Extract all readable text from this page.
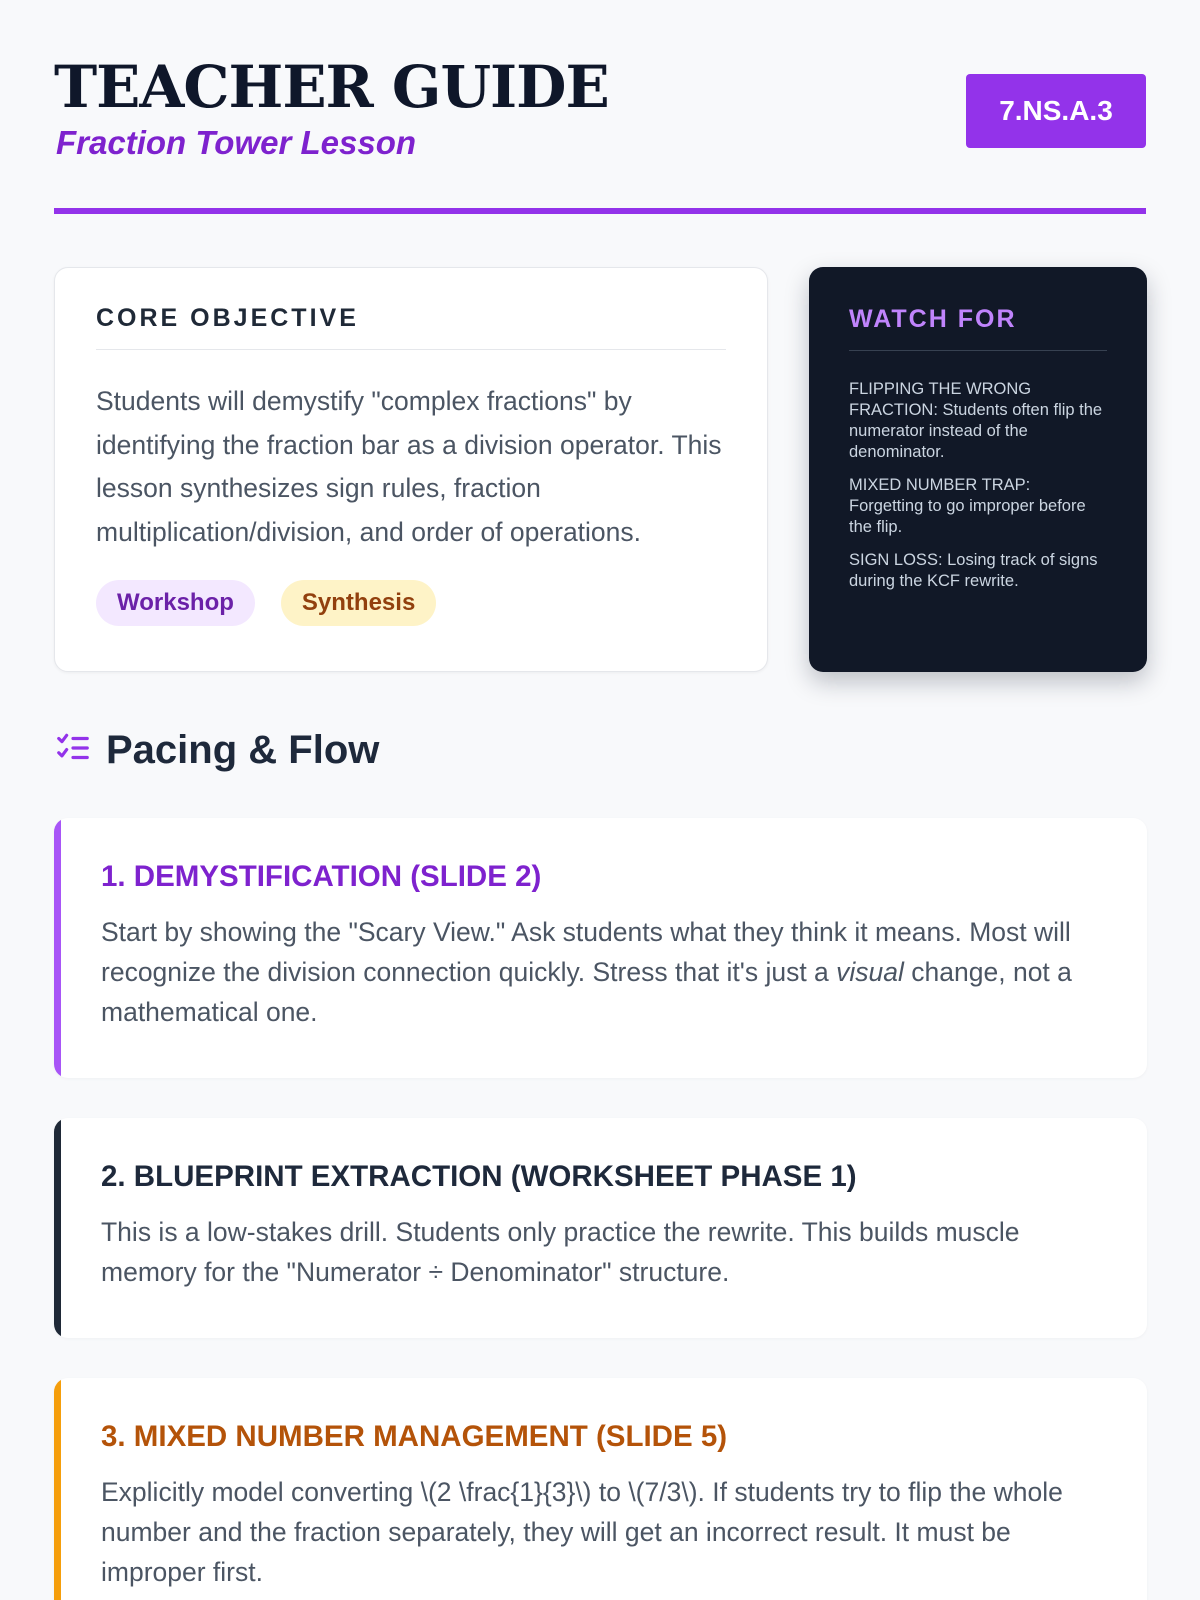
TEACHER GUIDE
Fraction Tower Lesson
7.NS.A.3
CORE OBJECTIVE

Students will demystify "complex fractions" by identifying the fraction bar as a division operator. This lesson synthesizes sign rules, fraction multiplication/division, and order of operations.

Workshop	Synthesis
WATCH FOR
FLIPPING THE WRONG FRACTION: Students often flip the numerator instead of the denominator.
MIXED NUMBER TRAP: Forgetting to go improper before the flip.
SIGN LOSS: Losing track of signs during the KCF rewrite.
Pacing & Flow
1. DEMYSTIFICATION (SLIDE 2)

Start by showing the "Scary View." Ask students what they think it means. Most will recognize the division connection quickly. Stress that it's just a visual change, not a mathematical one.

2. BLUEPRINT EXTRACTION (WORKSHEET PHASE 1)

This is a low-stakes drill. Students only practice the rewrite. This builds muscle memory for the "Numerator ÷ Denominator" structure.

3. MIXED NUMBER MANAGEMENT (SLIDE 5)

Explicitly model converting \(2 \frac{1}{3}\) to \(7/3\). If students try to flip the whole number and the fraction separately, they will get an incorrect result. It must be improper first.
